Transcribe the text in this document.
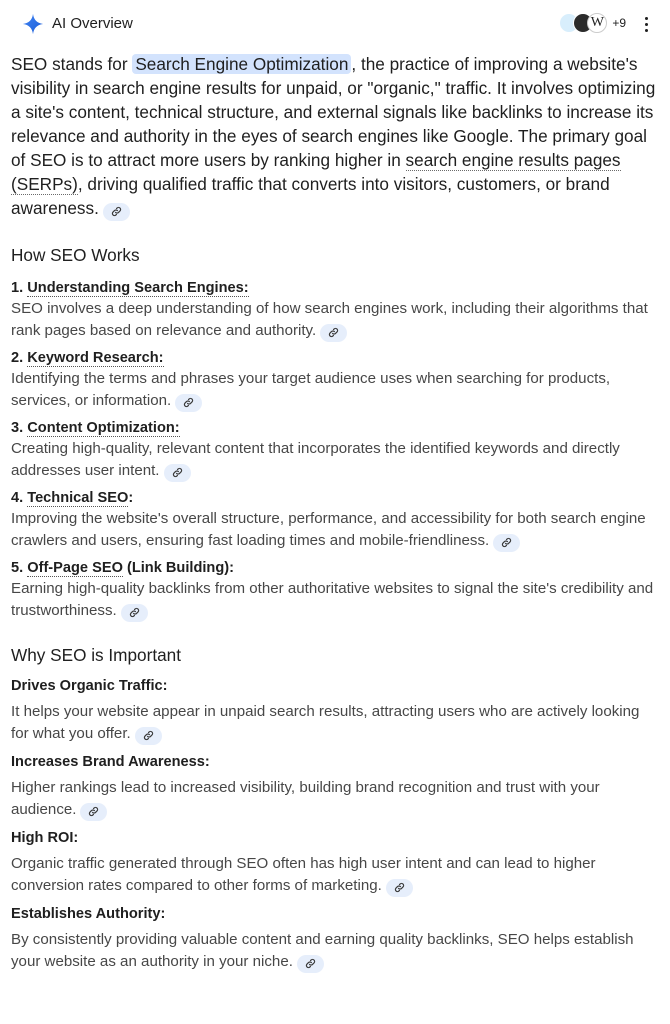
AI Overview	W +9
SEO stands for Search Engine Optimization , the practice of improving a website's visibility in search engine results for unpaid, or "organic," traffic. It involves optimizing a site's content, technical structure, and external signals like backlinks to increase its relevance and authority in the eyes of search engines like Google. The primary goal of SEO is to attract more users by ranking higher in search engine results pages (SERPs), driving qualified traffic that converts into visitors, customers, or brand awareness.
How SEO Works
1. Understanding Search Engines:
SEO involves a deep understanding of how search engines work, including their algorithms that rank pages based on relevance and authority.
2. Keyword Research:
Identifying the terms and phrases your target audience uses when searching for products, services, or information.
3. Content Optimization:
Creating high-quality, relevant content that incorporates the identified keywords and directly addresses user intent.
4. Technical SEO:
Improving the website's overall structure, performance, and accessibility for both search engine crawlers and users, ensuring fast loading times and mobile-friendliness.
5. Off-Page SEO (Link Building):
Earning high-quality backlinks from other authoritative websites to signal the site's credibility and trustworthiness.
Why SEO is Important
Drives Organic Traffic:
It helps your website appear in unpaid search results, attracting users who are actively looking for what you offer.
Increases Brand Awareness:
Higher rankings lead to increased visibility, building brand recognition and trust with your audience.
High ROI:
Organic traffic generated through SEO often has high user intent and can lead to higher conversion rates compared to other forms of marketing.
Establishes Authority:
By consistently providing valuable content and earning quality backlinks, SEO helps establish your website as an authority in your niche.
